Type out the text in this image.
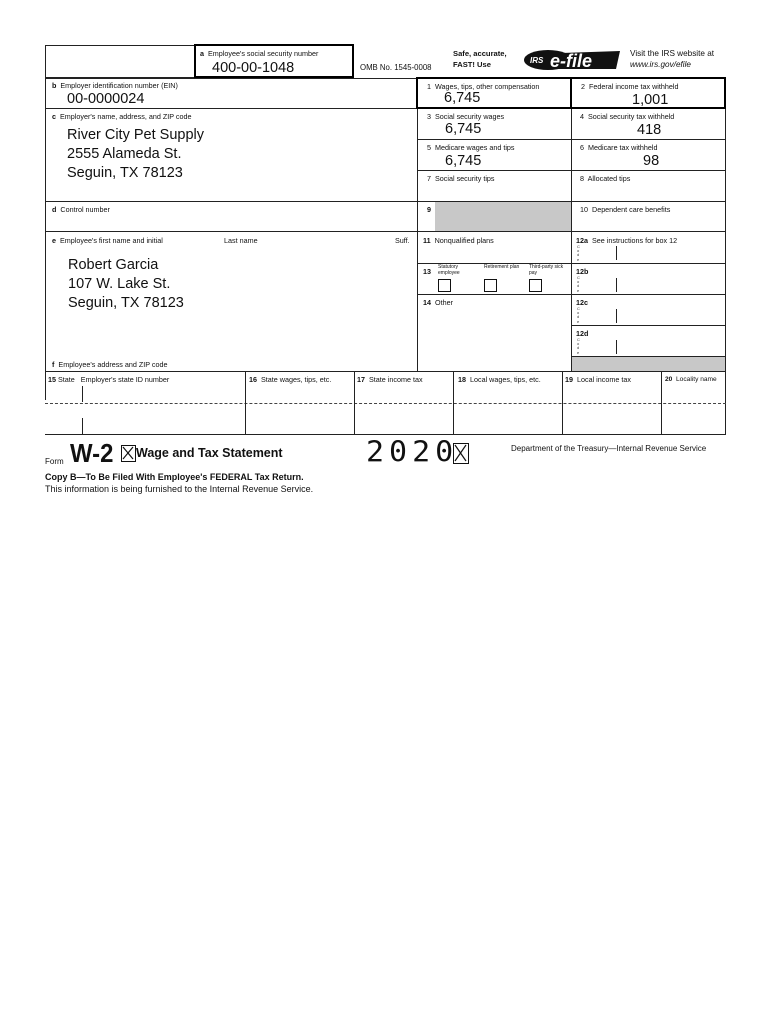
a Employee's social security number
400-00-1048	OMB No. 1545-0008
Safe, accurate,
FAST! Use	IRS e-file	Visit the IRS website at
www.irs.gov/efile
1 Wages, tips, other compensation
6,745
2 Federal income tax withheld
1,001
b Employer identification number (EIN)
00-0000024
c Employer's name, address, and ZIP code
River City Pet Supply
2555 Alameda St.
Seguin, TX 78123
3 Social security wages
6,745
4 Social security tax withheld
418
5 Medicare wages and tips
6,745
6 Medicare tax withheld
98
7 Social security tips	8 Allocated tips
d Control number	9	10 Dependent care benefits
e Employee's first name and initial	Last name	Suff.
Robert Garcia
107 W. Lake St.
Seguin, TX 78123
f Employee's address and ZIP code
11 Nonqualified plans	12a See instructions for box 12
C o d e
12b
C o d e
12c
C o d e
12d
C o d e
13 Statutory employee
Retirement plan Third-party sick pay
14 Other
15 State Employer's state ID number	16 State wages, tips, etc.	17 State income tax	18 Local wages, tips, etc.	19 Local income tax	20 Locality name
Form W-2 Wage and Tax Statement	2020	Department of the Treasury—Internal Revenue Service
Copy B—To Be Filed With Employee's FEDERAL Tax Return.
This information is being furnished to the Internal Revenue Service.
